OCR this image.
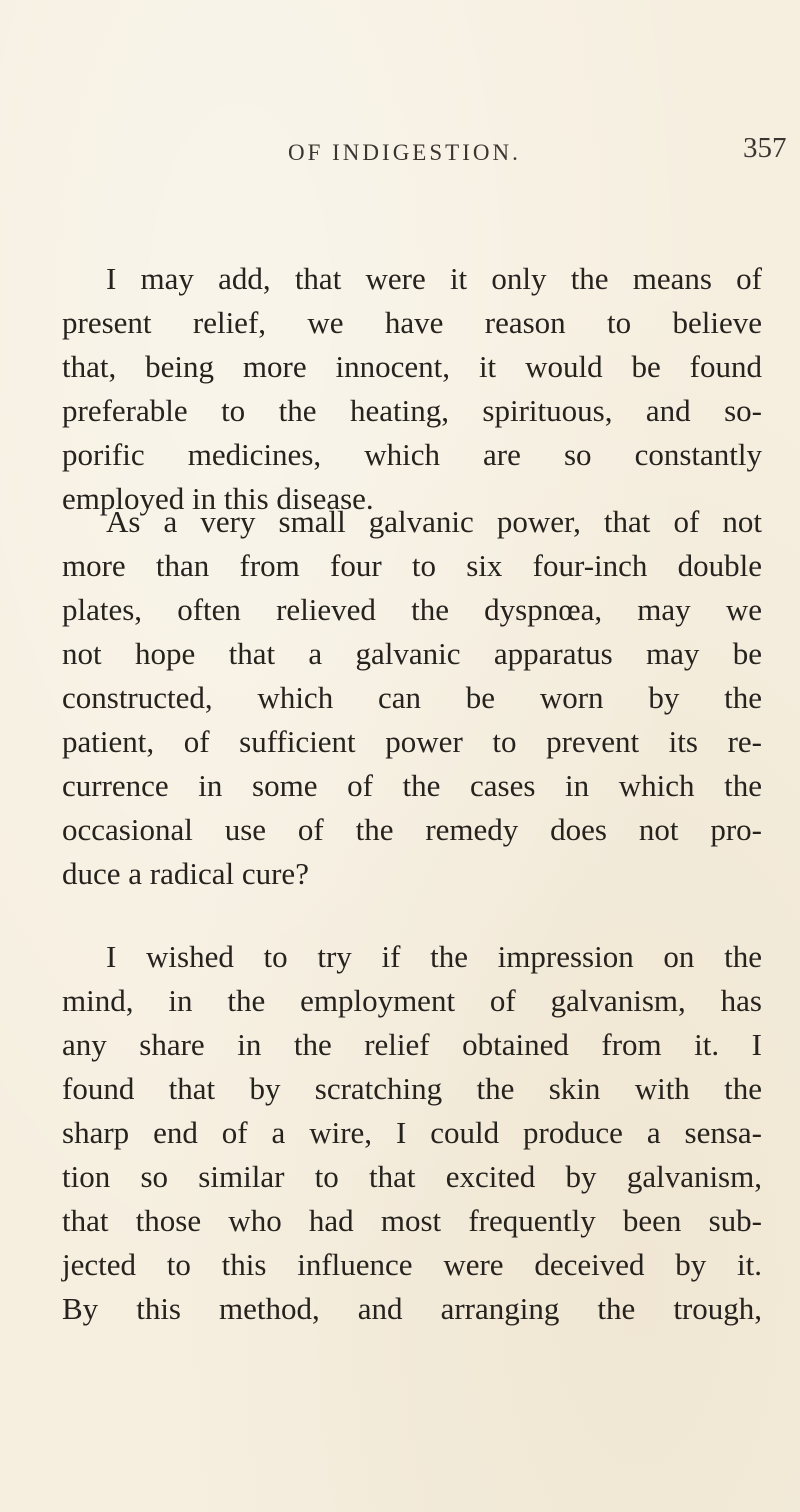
OF INDIGESTION.	357

I may add, that were it only the means of
present relief, we have reason to believe
that, being more innocent, it would be found
preferable to the heating, spirituous, and so-
porific medicines, which are so constantly
employed in this disease.

As a very small galvanic power, that of not
more than from four to six four-inch double
plates, often relieved the dyspnœa, may we
not hope that a galvanic apparatus may be
constructed, which can be worn by the
patient, of sufficient power to prevent its re-
currence in some of the cases in which the
occasional use of the remedy does not pro-
duce a radical cure?

I wished to try if the impression on the
mind, in the employment of galvanism, has
any share in the relief obtained from it. I
found that by scratching the skin with the
sharp end of a wire, I could produce a sensa-
tion so similar to that excited by galvanism,
that those who had most frequently been sub-
jected to this influence were deceived by it.
By this method, and arranging the trough,
